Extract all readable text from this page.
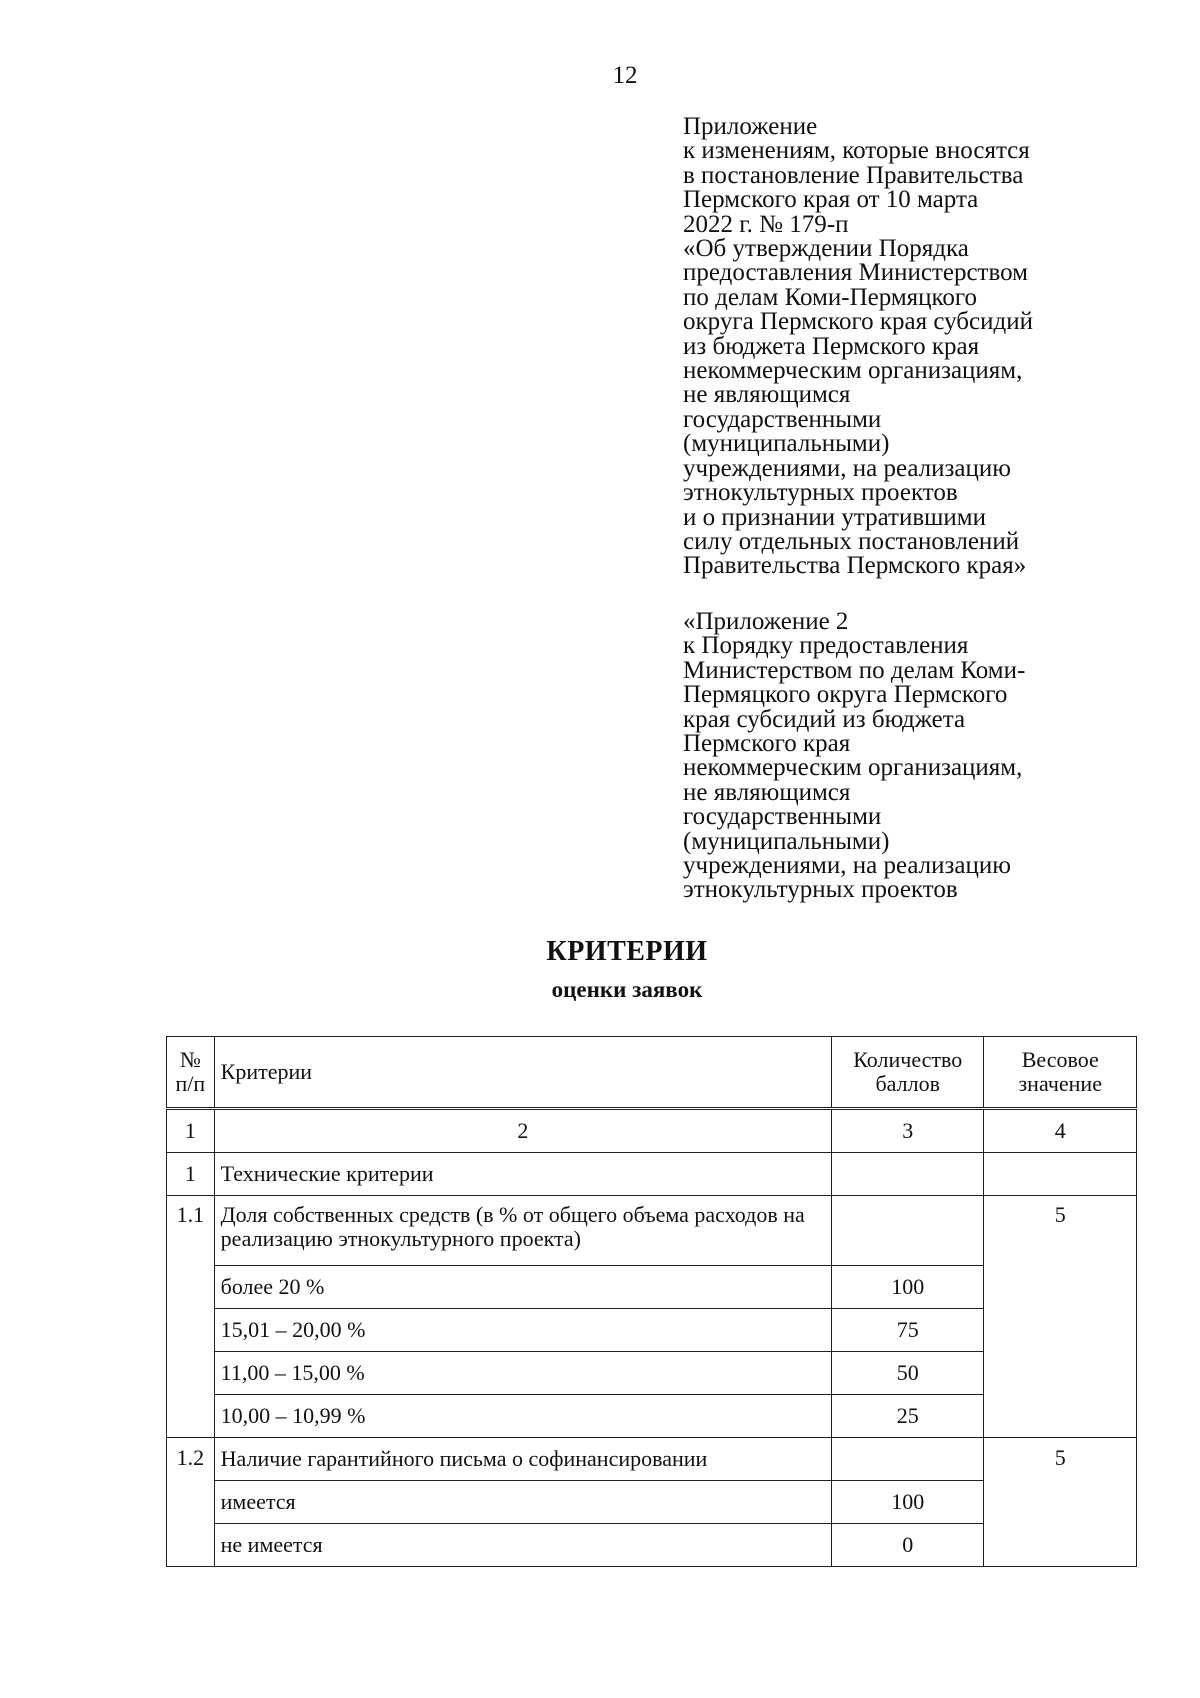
12
Приложение
к изменениям, которые вносятся
в постановление Правительства
Пермского края от 10 марта
2022 г. № 179-п
«Об утверждении Порядка
предоставления Министерством
по делам Коми-Пермяцкого
округа Пермского края субсидий
из бюджета Пермского края
некоммерческим организациям,
не являющимся
государственными
(муниципальными)
учреждениями, на реализацию
этнокультурных проектов
и о признании утратившими
силу отдельных постановлений
Правительства Пермского края»
«Приложение 2
к Порядку предоставления
Министерством по делам Коми-
Пермяцкого округа Пермского
края субсидий из бюджета
Пермского края
некоммерческим организациям,
не являющимся
государственными
(муниципальными)
учреждениями, на реализацию
этнокультурных проектов
КРИТЕРИИ
оценки заявок
№ п/п	Критерии	Количество баллов	Весовое значение
1	2	3	4
1	Технические критерии		
1.1	Доля собственных средств (в % от общего объема расходов на реализацию этнокультурного проекта)		5
	более 20 %	100	
	15,01 – 20,00 %	75	
	11,00 – 15,00 %	50	
	10,00 – 10,99 %	25	
1.2	Наличие гарантийного письма о софинансировании		5
	имеется	100	
	не имеется	0	
